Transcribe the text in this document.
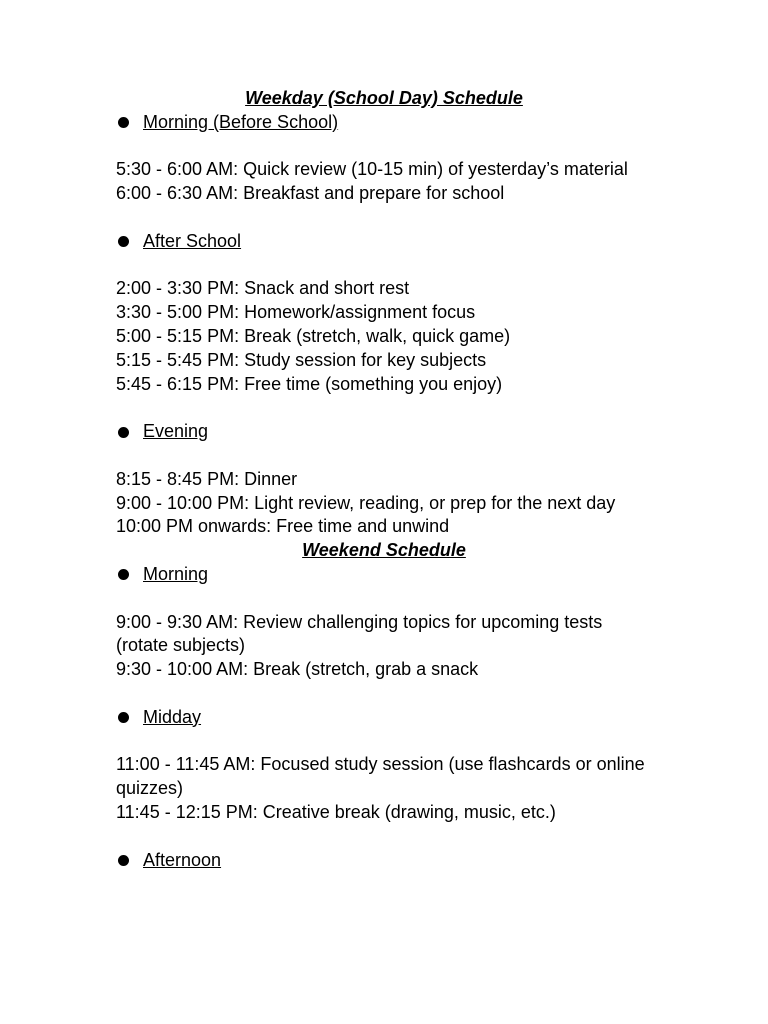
Weekday (School Day) Schedule
Morning (Before School)

5:30 - 6:00 AM: Quick review (10-15 min) of yesterday’s material

6:00 - 6:30 AM: Breakfast and prepare for school

After School

2:00 - 3:30 PM: Snack and short rest

3:30 - 5:00 PM: Homework/assignment focus

5:00 - 5:15 PM: Break (stretch, walk, quick game)

5:15 - 5:45 PM: Study session for key subjects

5:45 - 6:15 PM: Free time (something you enjoy)

Evening

8:15 - 8:45 PM: Dinner

9:00 - 10:00 PM: Light review, reading, or prep for the next day

10:00 PM onwards: Free time and unwind

Weekend Schedule
Morning

9:00 - 9:30 AM: Review challenging topics for upcoming tests (rotate subjects)

9:30 - 10:00 AM: Break (stretch, grab a snack

Midday

11:00 - 11:45 AM: Focused study session (use flashcards or online quizzes)

11:45 - 12:15 PM: Creative break (drawing, music, etc.)

Afternoon
